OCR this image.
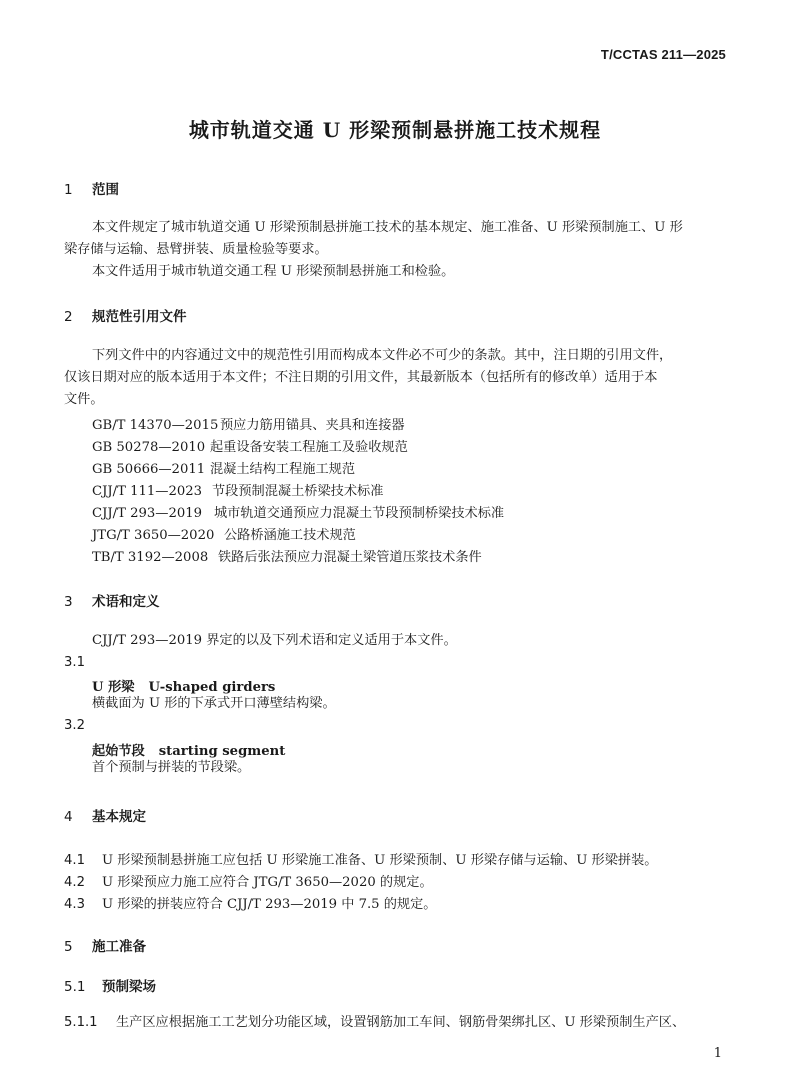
T/CCTAS 211—2025
城市轨道交通 U 形梁预制悬拼施工技术规程
1 范围
本文件规定了城市轨道交通 U 形梁预制悬拼施工技术的基本规定、施工准备、U 形梁预制施工、U 形
梁存储与运输、悬臂拼装、质量检验等要求。
本文件适用于城市轨道交通工程 U 形梁预制悬拼施工和检验。
2 规范性引用文件
下列文件中的内容通过文中的规范性引用而构成本文件必不可少的条款。其中，注日期的引用文件，
仅该日期对应的版本适用于本文件；不注日期的引用文件，其最新版本（包括所有的修改单）适用于本
文件。
GB/T 14370—2015 预应力筋用锚具、夹具和连接器
GB 50278—2010 起重设备安装工程施工及验收规范
GB 50666—2011 混凝土结构工程施工规范
CJJ/T 111—2023 节段预制混凝土桥梁技术标准
CJJ/T 293—2019 城市轨道交通预应力混凝土节段预制桥梁技术标准
JTG/T 3650—2020 公路桥涵施工技术规范
TB/T 3192—2008 铁路后张法预应力混凝土梁管道压浆技术条件
3 术语和定义
CJJ/T 293—2019 界定的以及下列术语和定义适用于本文件。
3.1
U 形梁 U-shaped girders
横截面为 U 形的下承式开口薄壁结构梁。
3.2
起始节段 starting segment
首个预制与拼装的节段梁。
4 基本规定
4.1 U 形梁预制悬拼施工应包括 U 形梁施工准备、U 形梁预制、U 形梁存储与运输、U 形梁拼装。
4.2 U 形梁预应力施工应符合 JTG/T 3650—2020 的规定。
4.3 U 形梁的拼装应符合 CJJ/T 293—2019 中 7.5 的规定。
5 施工准备
5.1 预制梁场
5.1.1 生产区应根据施工工艺划分功能区域，设置钢筋加工车间、钢筋骨架绑扎区、U 形梁预制生产区、
1
